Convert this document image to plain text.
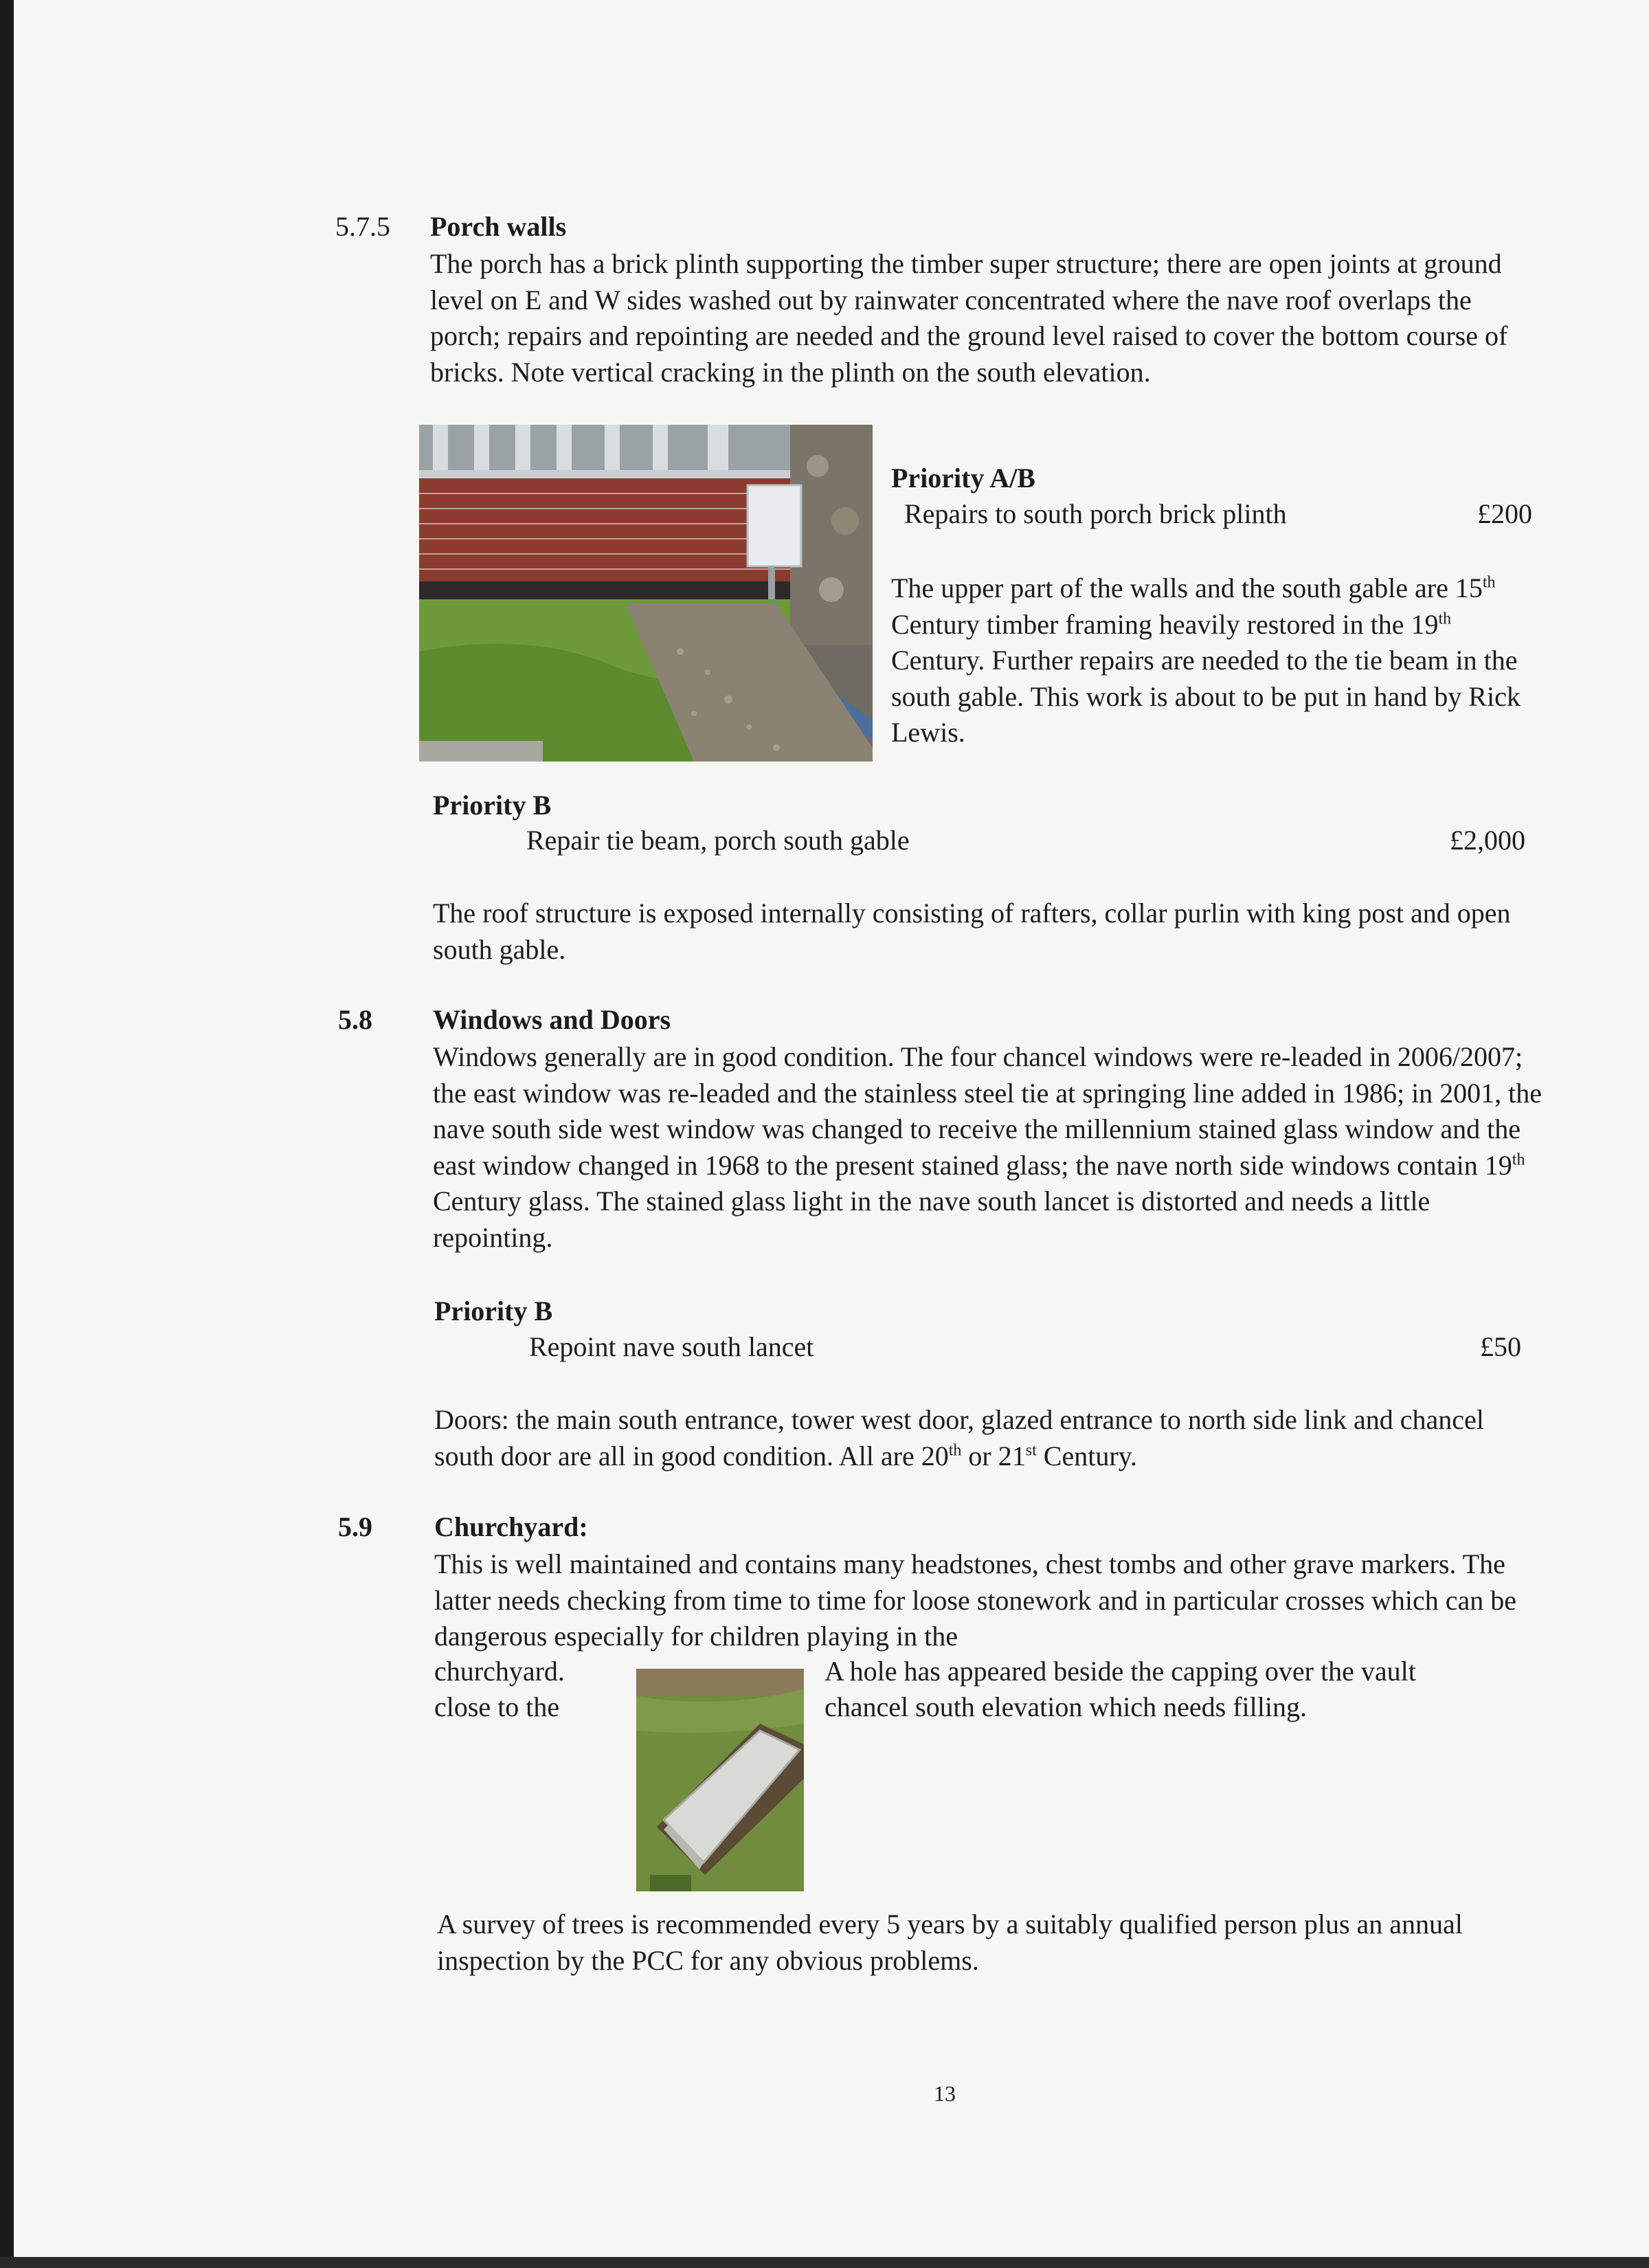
5.7.5 Porch walls

The porch has a brick plinth supporting the timber super structure; there are open joints at ground level on E and W sides washed out by rainwater concentrated where the nave roof overlaps the porch; repairs and repointing are needed and the ground level raised to cover the bottom course of bricks. Note vertical cracking in the plinth on the south elevation.

Priority A/B
Repairs to south porch brick plinth	£200

The upper part of the walls and the south gable are 15th Century timber framing heavily restored in the 19th Century. Further repairs are needed to the tie beam in the south gable. This work is about to be put in hand by Rick Lewis.

Priority B
Repair tie beam, porch south gable	£2,000

The roof structure is exposed internally consisting of rafters, collar purlin with king post and open south gable.

5.8 Windows and Doors

Windows generally are in good condition. The four chancel windows were re-leaded in 2006/2007; the east window was re-leaded and the stainless steel tie at springing line added in 1986; in 2001, the nave south side west window was changed to receive the millennium stained glass window and the east window changed in 1968 to the present stained glass; the nave north side windows contain 19th Century glass. The stained glass light in the nave south lancet is distorted and needs a little repointing.

Priority B
Repoint nave south lancet	£50

Doors: the main south entrance, tower west door, glazed entrance to north side link and chancel south door are all in good condition. All are 20th or 21st Century.

5.9 Churchyard:

This is well maintained and contains many headstones, chest tombs and other grave markers. The latter needs checking from time to time for loose stonework and in particular crosses which can be dangerous especially for children playing in the

churchyard.
close to the
A hole has appeared beside the capping over the vault
chancel south elevation which needs filling.

A survey of trees is recommended every 5 years by a suitably qualified person plus an annual inspection by the PCC for any obvious problems.

13
